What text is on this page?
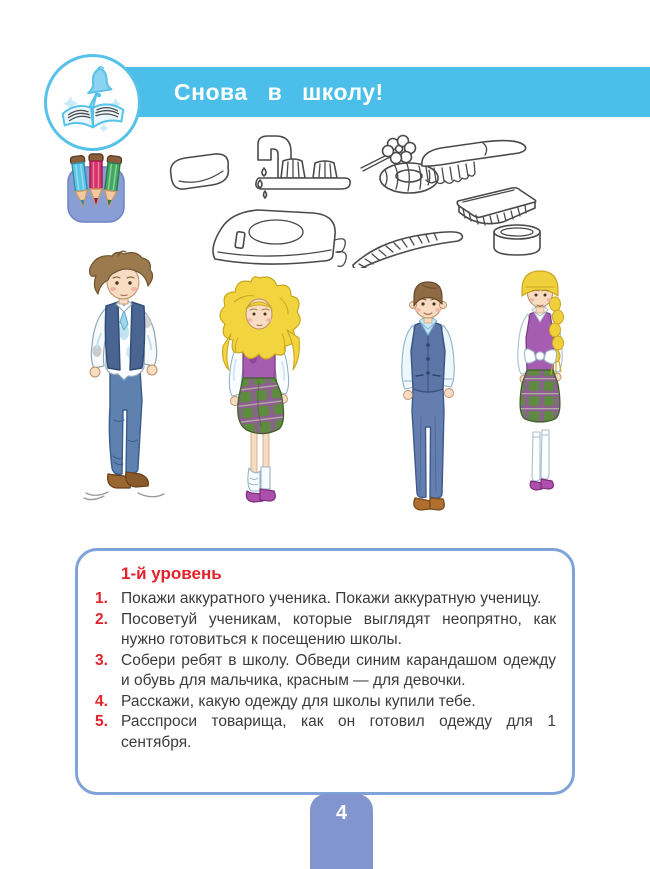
Снова в школу!
1-й уровень
1. Покажи аккуратного ученика. Покажи аккуратную ученицу.
2. Посоветуй ученикам, которые выглядят неопрятно, как нужно готовиться к посещению школы.
3. Собери ребят в школу. Обведи синим карандашом одежду и обувь для мальчика, красным — для девочки.
4. Расскажи, какую одежду для школы купили тебе.
5. Расспроси товарища, как он готовил одежду для 1 сентября.
4
